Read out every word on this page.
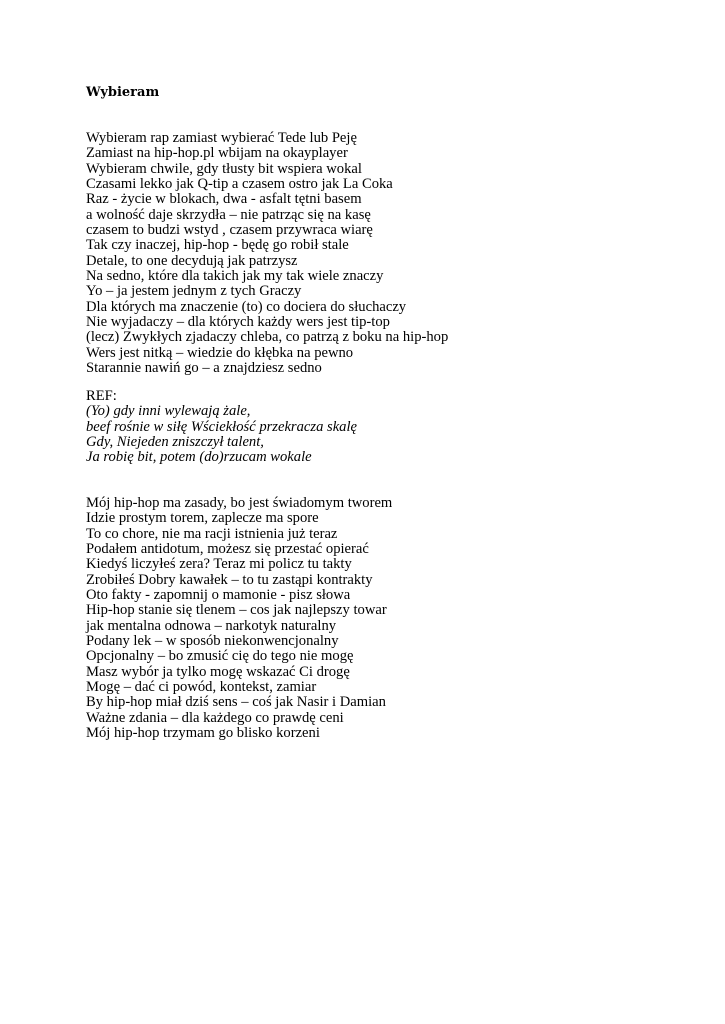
Wybieram
Wybieram rap zamiast wybierać Tede lub Peję
Zamiast na hip-hop.pl wbijam na okayplayer
Wybieram chwile, gdy tłusty bit wspiera wokal
Czasami lekko jak Q-tip a czasem ostro jak La Coka
Raz - życie w blokach, dwa - asfalt tętni basem
a wolność daje skrzydła – nie patrząc się na kasę
czasem to budzi wstyd , czasem przywraca wiarę
Tak czy inaczej, hip-hop - będę go robił stale
Detale, to one decydują jak patrzysz
Na sedno, które dla takich jak my tak wiele znaczy
Yo – ja jestem jednym z tych Graczy
Dla których ma znaczenie (to) co dociera do słuchaczy
Nie wyjadaczy – dla których każdy wers jest tip-top
(lecz) Zwykłych zjadaczy chleba, co patrzą z boku na hip-hop
Wers jest nitką – wiedzie do kłębka na pewno
Starannie nawiń go – a znajdziesz sedno
REF:
(Yo) gdy inni wylewają żale,
beef rośnie w siłę Wściekłość przekracza skalę
Gdy, Niejeden zniszczył talent,
Ja robię bit, potem (do)rzucam wokale
Mój hip-hop ma zasady, bo jest świadomym tworem
Idzie prostym torem, zaplecze ma spore
To co chore, nie ma racji istnienia już teraz
Podałem antidotum, możesz się przestać opierać
Kiedyś liczyłeś zera? Teraz mi policz tu takty
Zrobiłeś Dobry kawałek – to tu zastąpi kontrakty
Oto fakty - zapomnij o mamonie - pisz słowa
Hip-hop stanie się tlenem – cos jak najlepszy towar
jak mentalna odnowa – narkotyk naturalny
Podany lek – w sposób niekonwencjonalny
Opcjonalny – bo zmusić cię do tego nie mogę
Masz wybór ja tylko mogę wskazać Ci drogę
Mogę – dać ci powód, kontekst, zamiar
By hip-hop miał dziś sens – coś jak Nasir i Damian
Ważne zdania – dla każdego co prawdę ceni
Mój hip-hop trzymam go blisko korzeni
